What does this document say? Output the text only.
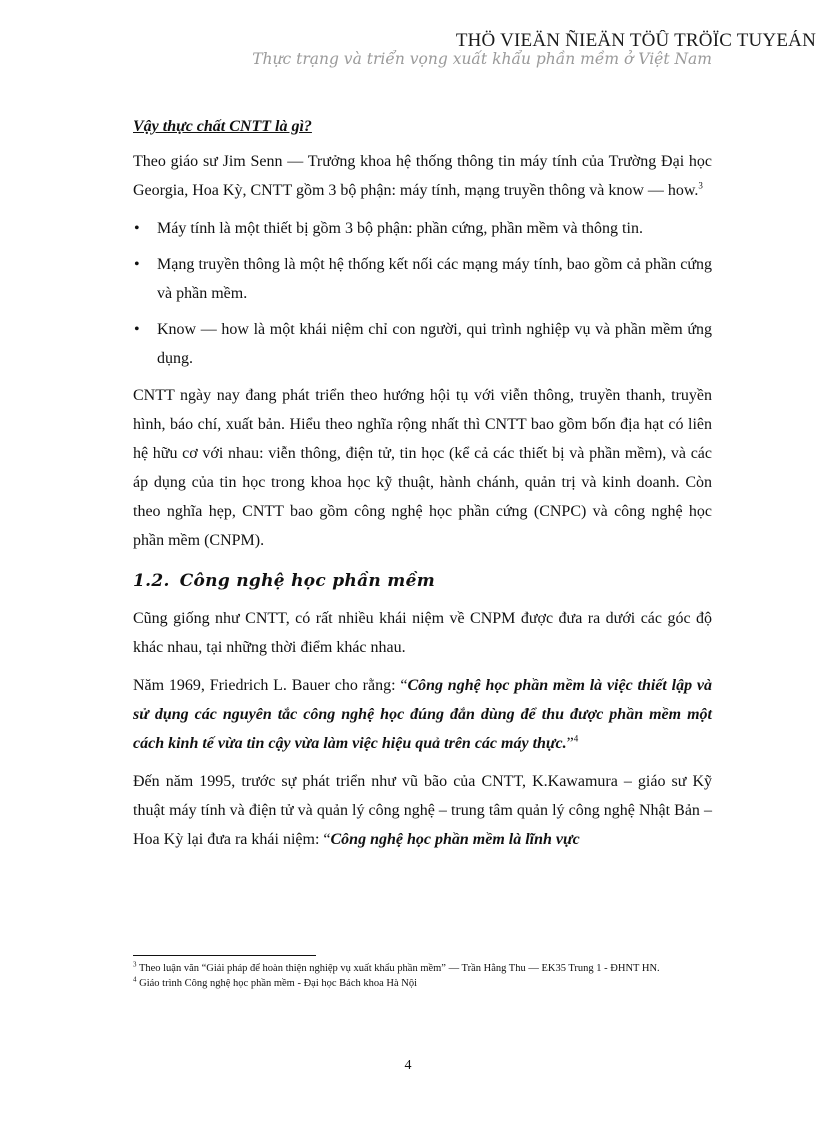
THÖ VIEÄN ÑIEÄN TÖÛ TRÖÏC TUYEÁN
Thực trạng và triển vọng xuất khẩu phần mềm ở Việt Nam
Vậy thực chất CNTT là gì?

Theo giáo sư Jim Senn — Trưởng khoa hệ thống thông tin máy tính của Trường Đại học Georgia, Hoa Kỳ, CNTT gồm 3 bộ phận: máy tính, mạng truyền thông và know — how.$^3$

• Máy tính là một thiết bị gồm 3 bộ phận: phần cứng, phần mềm và thông tin.
• Mạng truyền thông là một hệ thống kết nối các mạng máy tính, bao gồm cả phần cứng và phần mềm.
• Know — how là một khái niệm chỉ con người, qui trình nghiệp vụ và phần mềm ứng dụng.

CNTT ngày nay đang phát triển theo hướng hội tụ với viễn thông, truyền thanh, truyền hình, báo chí, xuất bản. Hiểu theo nghĩa rộng nhất thì CNTT bao gồm bốn địa hạt có liên hệ hữu cơ với nhau: viễn thông, điện tử, tin học (kể cả các thiết bị và phần mềm), và các áp dụng của tin học trong khoa học kỹ thuật, hành chánh, quản trị và kinh doanh. Còn theo nghĩa hẹp, CNTT bao gồm công nghệ học phần cứng (CNPC) và công nghệ học phần mềm (CNPM).

1.2. Công nghệ học phần mềm

Cũng giống như CNTT, có rất nhiều khái niệm về CNPM được đưa ra dưới các góc độ khác nhau, tại những thời điểm khác nhau.

Năm 1969, Friedrich L. Bauer cho rằng: “Công nghệ học phần mềm là việc thiết lập và sử dụng các nguyên tắc công nghệ học đúng đắn dùng để thu được phần mềm một cách kinh tế vừa tin cậy vừa làm việc hiệu quả trên các máy thực.”$^4$

Đến năm 1995, trước sự phát triển như vũ bão của CNTT, K.Kawamura – giáo sư Kỹ thuật máy tính và điện tử và quản lý công nghệ – trung tâm quản lý công nghệ Nhật Bản – Hoa Kỳ lại đưa ra khái niệm: “Công nghệ học phần mềm là lĩnh vực

$^3$ Theo luận văn “Giải pháp để hoàn thiện nghiệp vụ xuất khẩu phần mềm” — Trần Hằng Thu — EK35 Trung 1 - ĐHNT HN.
$^4$ Giáo trình Công nghệ học phần mềm - Đại học Bách khoa Hà Nội
4
